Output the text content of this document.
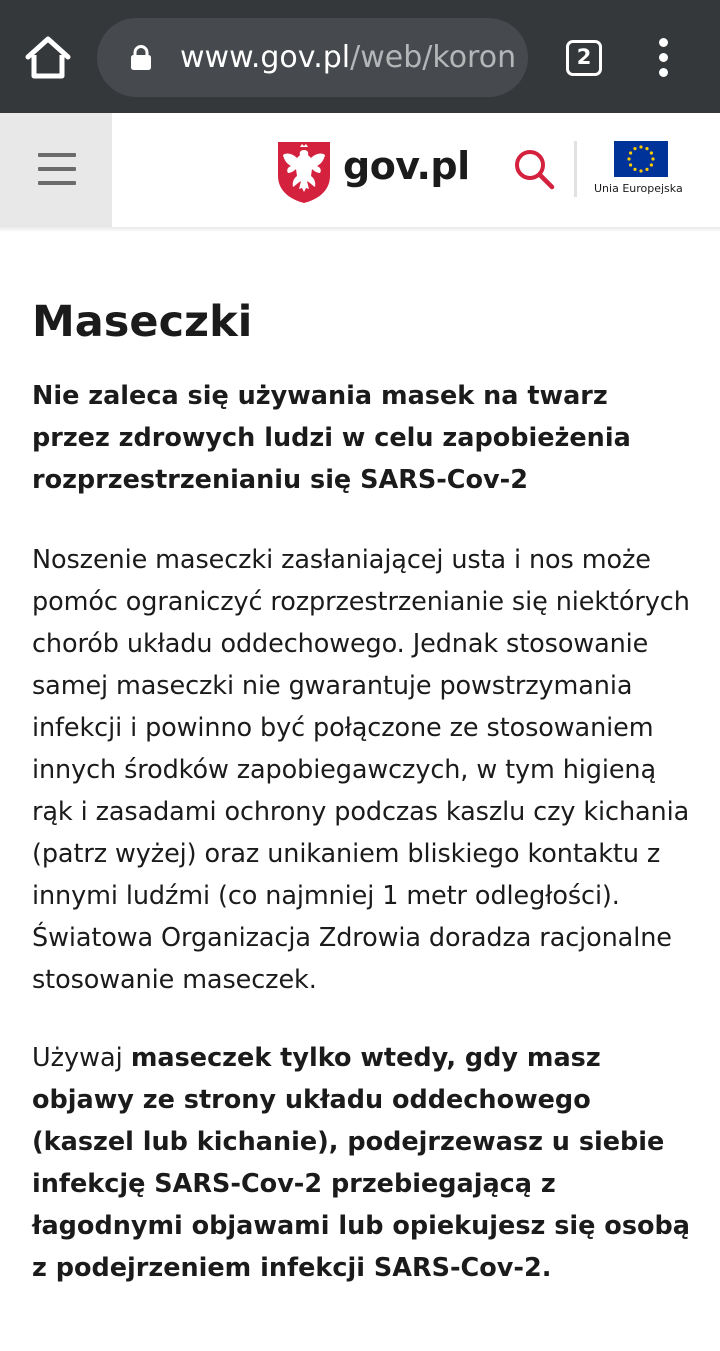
www.gov.pl/web/koron	2
gov.pl
Unia Europejska
Maseczki

Nie zaleca się używania masek na twarz przez zdrowych ludzi w celu zapobieżenia rozprzestrzenianiu się SARS-Cov-2

Noszenie maseczki zasłaniającej usta i nos może pomóc ograniczyć rozprzestrzenianie się niektórych chorób układu oddechowego. Jednak stosowanie samej maseczki nie gwarantuje powstrzymania infekcji i powinno być połączone ze stosowaniem innych środków zapobiegawczych, w tym higieną rąk i zasadami ochrony podczas kaszlu czy kichania (patrz wyżej) oraz unikaniem bliskiego kontaktu z innymi ludźmi (co najmniej 1 metr odległości). Światowa Organizacja Zdrowia doradza racjonalne stosowanie maseczek.

Używaj maseczek tylko wtedy, gdy masz objawy ze strony układu oddechowego (kaszel lub kichanie), podejrzewasz u siebie infekcję SARS-Cov-2 przebiegającą z łagodnymi objawami lub opiekujesz się osobą z podejrzeniem infekcji SARS-Cov-2.
